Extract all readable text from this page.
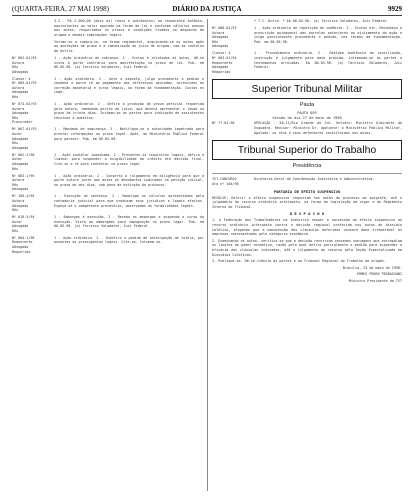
(QUARTA-FEIRA, 27 MAI 1998)	DIÁRIO DA JUSTIÇA	9929
3.2 - R$ 2.500,00 (dois mil reais e quinhentos) ao requerente Antônio, equivalentes ao valor apurado na forma da lei e conforme cálculos anexos aos autos, respeitados os prazos e condições fixados no despacho de origem e demais cominações legais.
Intime-se e cumpra-se, na forma regimental, arquivando-se os autos após as anotações de praxe e a comunicação ao juízo de origem, com as cautelas de estilo.
Nº 002-01/95
Autora
Réu
Advogado
1 - Ação ordinária de cobrança. 2 - Vistos e relatados os autos, dê-se vista à parte contrária para manifestação no prazo de lei. Pub. em 06.05.98. (a) Tarcísio Valadares, Juiz Federal.
Classe: 4
Nº 085-01/93
Autora
Advogado
Réu
1 - Ação ordinária. 2 - Ante o exposto, julgo procedente o pedido e condeno a parte ré ao pagamento das diferenças apuradas, acrescidas de correção monetária e juros legais, na forma da fundamentação. Custas ex lege.
Nº 074-02/93
Autora
Advogada
Réu
Procurador
1 - Ação ordinária. 2 - Defiro a produção de prova pericial requerida pela autora, nomeando perito do juízo, que deverá apresentar o laudo no prazo de trinta dias. Intimem-se as partes para indicação de assistentes técnicos e quesitos.
Nº 067-01/93
Autor
Advogado
Réu
Advogado
1 - Mandado de segurança. 2 - Notifique-se a autoridade impetrada para prestar informações no prazo legal. Após, ao Ministério Público Federal para parecer. Pub. em 06.05.98.
Nº 002-2/98
Autor
Advogado
Réu
1 - Ação cautelar inominada. 2 - Presentes os requisitos legais, defiro a liminar para suspender a exigibilidade do crédito até decisão final. Cite-se a ré para contestar no prazo legal.
Nº 083-1/95
Autora
Réu
Advogado
1 - Ação ordinária. 2 - Converto o julgamento em diligência para que a parte autora junte aos autos os documentos indicados na petição inicial, no prazo de dez dias, sob pena de extinção do processo.
Nº 100-4/95
Autora
Advogado
Réu
1 - Execução de sentença. 2 - Homologo os cálculos apresentados pela contadoria judicial para que produzam seus jurídicos e legais efeitos. Expeça-se o competente precatório, observadas as formalidades legais.
Nº 018-5/94
Autor
Advogado
Réu
1 - Embargos à execução. 2 - Recebo os embargos e suspendo o curso da execução. Vista ao embargado para impugnação no prazo legal. Pub. em 06.05.98. (a) Tarcísio Valadares, Juiz Federal.
Nº 004-1/98
Requerente
Advogado
Requerido
1 - Ação ordinária. 2 - Indefiro o pedido de antecipação de tutela, por ausentes os pressupostos legais. Cite-se. Intimem-se.
* T.C. Dutra. * Em 06.05.98. (a) Tarcísio Valadares, Juiz Federal.
Nº 088-01/93
Autora
Advogado
Réu
Advogado
1 - Ação ordinária de repetição de indébito. 2 - Vistos etc. Reconheço a prescrição quinquenal das parcelas anteriores ao ajuizamento da ação e julgo parcialmente procedente o pedido, nos termos da fundamentação. Pub. em 06.05.98.
Classe: 4
Nº 003-01/94
Requerente
Advogado
Requerido
1 - Procedimento ordinário. 2 - Designo audiência de conciliação, instrução e julgamento para data próxima, intimando-se as partes e testemunhas arroladas. Em 06.05.98. (a) Tarcísio Valadares, Juiz Federal.
Superior Tribunal Militar
Pauta
PAUTA 059
Sessão do dia 27 de maio de 1998
Nº 77-01.98	APELAÇÃO - 58.11/Rio Grande do Sul. Relator: Ministro Almirante de Esquadra. Revisor: Ministro Dr. Apelante: o Ministério Público Militar. Apelado: os réus e seus defensores constituídos nos autos.
Tribunal Superior do Trabalho
Presidência
TST-CONCURSO
Ato nº 104/98
Diretoria-Geral de Coordenação Judiciária e Administrativa.
PORTARIA DE EFEITO SUSPENSIVO
RESOLVE: Deferir o efeito suspensivo requerido nos autos do processo em epígrafe, até o julgamento do recurso ordinário interposto, na forma da legislação em vigor e do Regimento Interno do Tribunal.
D E S P A C H O
1. A Federação dos Trabalhadores na Indústria requer a concessão de efeito suspensivo ao recurso ordinário interposto contra a decisão regional proferida nos autos do dissídio coletivo, alegando que a manutenção das cláusulas deferidas causará dano irreparável às empresas representadas pela categoria econômica.
2. Examinando os autos, verifica-se que a decisão recorrida concedeu vantagens que extrapolam os limites do poder normativo, razão pela qual defiro parcialmente o pedido para suspender a eficácia das cláusulas indicadas, até o julgamento do recurso pela Seção Especializada em Dissídios Coletivos.
3. Publique-se. Dê-se ciência às partes e ao Tribunal Regional do Trabalho de origem.
Brasília, 25 de maio de 1998.
ERMES PEDRO PEDRASSANI
Ministro Presidente do TST
